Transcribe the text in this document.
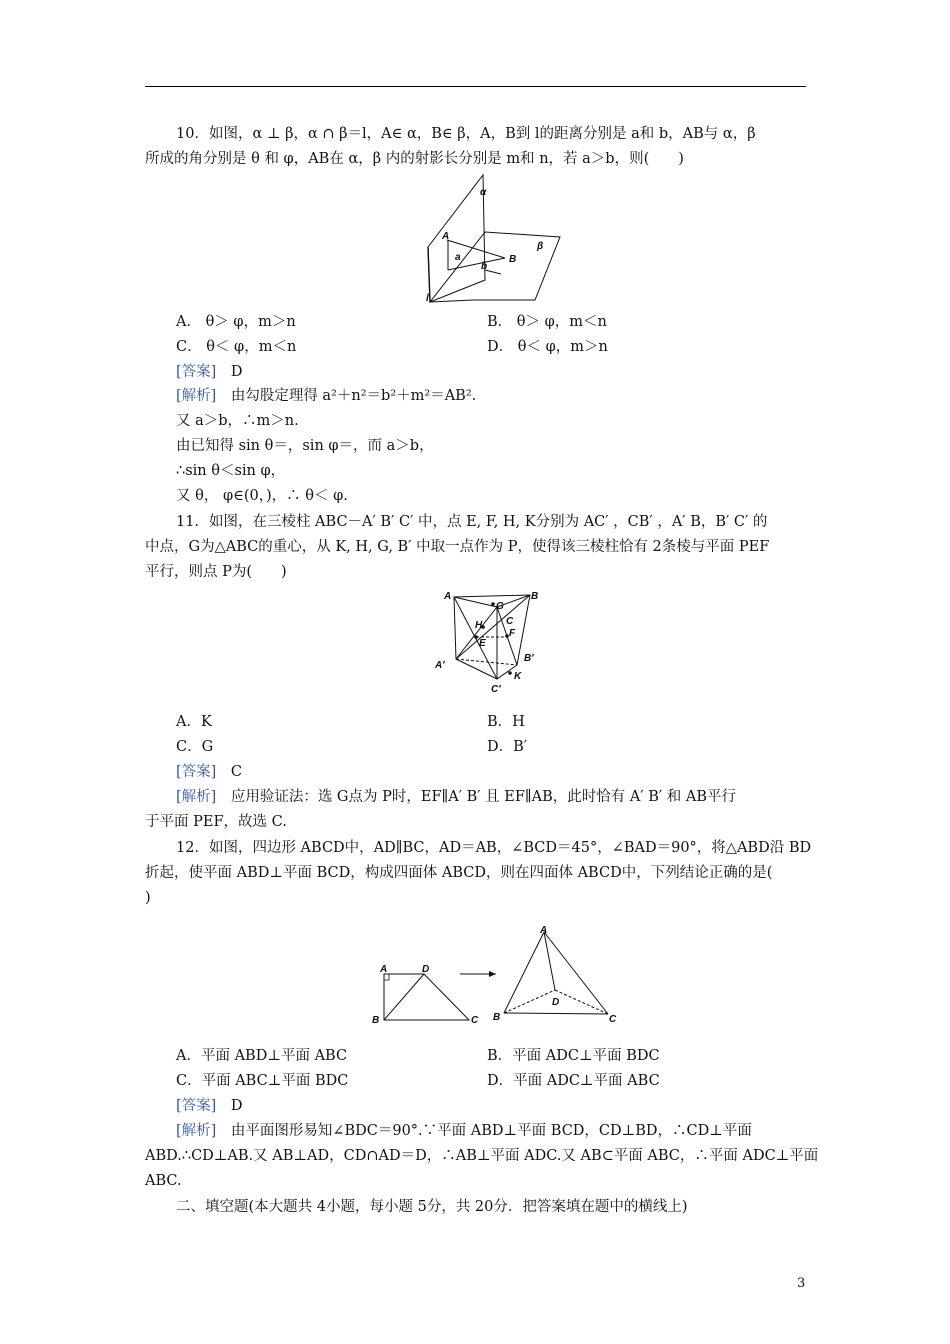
10．如图，α ⊥ β，α ∩ β＝l，A∈ α，B∈ β，A，B到 l的距离分别是 a和 b，AB与 α，β
所成的角分别是 θ 和 φ，AB在 α，β 内的射影长分别是 m和 n，若 a＞b，则(　　)
α
β
A
B
a
b
l
A． θ＞ φ，m＞n	B． θ＞ φ，m＜n
C． θ＜ φ，m＜n	D． θ＜ φ，m＞n
[答案]　 D
[解析]　 由勾股定理得 a²＋n²＝b²＋m²＝AB².
又 a＞b，∴m＞n.
由已知得 sin θ＝，sin φ＝，而 a＞b，
∴sin θ＜sin φ，
又 θ， φ∈(0，)，∴ θ＜ φ.
11．如图，在三棱柱 ABC－A′ B′ C′ 中，点 E, F, H, K分别为 AC′ ，CB′ ，A′ B，B′ C′ 的
中点，G为△ABC的重心，从 K, H, G, B′ 中取一点作为 P，使得该三棱柱恰有 2条棱与平面 PEF
平行，则点 P为(　　)
A	B
G
H C
E
F
A′
B′
K
C′
A．K	B．H
C．G	D．B′
[答案]　 C
[解析]　 应用验证法：选 G点为 P时，EF∥A′ B′ 且 EF∥AB，此时恰有 A′ B′ 和 AB平行
于平面 PEF，故选 C.
12．如图，四边形 ABCD中，AD∥BC，AD＝AB，∠BCD＝45°，∠BAD＝90°，将△ABD沿 BD
折起，使平面 ABD⊥平面 BCD，构成四面体 ABCD，则在四面体 ABCD中，下列结论正确的是(
)
A	D
B	C
A
D
B	C
A．平面 ABD⊥平面 ABC	B．平面 ADC⊥平面 BDC
C．平面 ABC⊥平面 BDC	D．平面 ADC⊥平面 ABC
[答案]　 D
[解析]　 由平面图形易知∠BDC＝90°.∵平面 ABD⊥平面 BCD，CD⊥BD，∴CD⊥平面
ABD.∴CD⊥AB.又 AB⊥AD，CD∩AD＝D，∴AB⊥平面 ADC.又 AB⊂平面 ABC，∴平面 ADC⊥平面
ABC.
二、填空题(本大题共 4小题，每小题 5分，共 20分．把答案填在题中的横线上)
3
